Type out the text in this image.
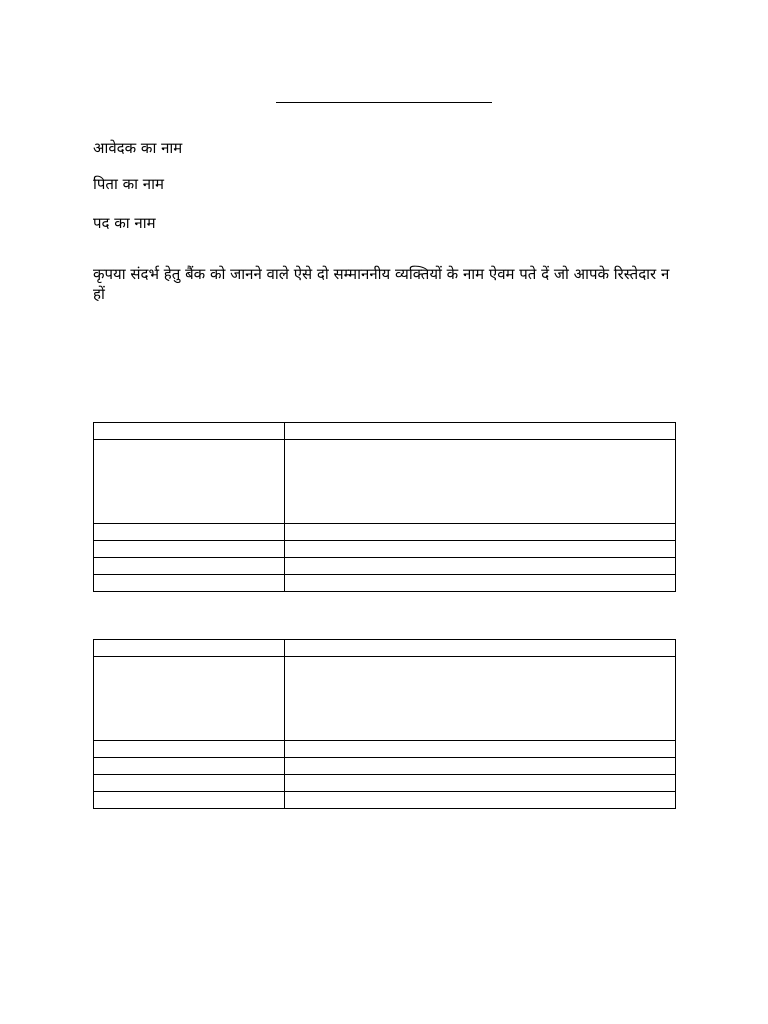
आवेदक का नाम
पिता का नाम
पद का नाम
कृपया संदर्भ हेतु बैंक को जानने वाले ऐसे दो सम्माननीय व्यक्तियों के नाम ऐवम पते दें जो आपके रिस्तेदार न हों
